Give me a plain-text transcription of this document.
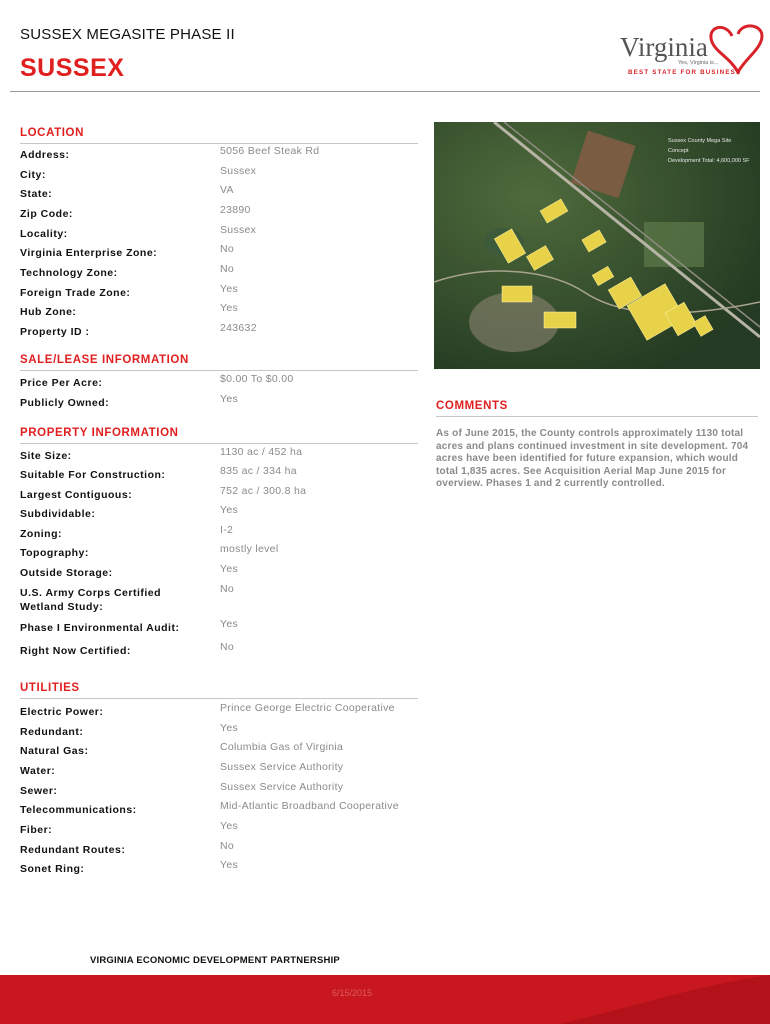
SUSSEX MEGASITE PHASE II
SUSSEX
Virginia
Yes, Virginia is...
BEST STATE FOR BUSINESS
LOCATION
Address:	5056 Beef Steak Rd
City:	Sussex
State:	VA
Zip Code:	23890
Locality:	Sussex
Virginia Enterprise Zone:	No
Technology Zone:	No
Foreign Trade Zone:	Yes
Hub Zone:	Yes
Property ID :	243632
SALE/LEASE INFORMATION
Price Per Acre:	$0.00 To $0.00
Publicly Owned:	Yes
PROPERTY INFORMATION
Site Size:	1130 ac / 452 ha
Suitable For Construction:	835 ac / 334 ha
Largest Contiguous:	752 ac / 300.8 ha
Subdividable:	Yes
Zoning:	I-2
Topography:	mostly level
Outside Storage:	Yes
U.S. Army Corps Certified
Wetland Study:
No
Phase I Environmental Audit:	Yes
Right Now Certified:	No
UTILITIES
Electric Power:	Prince George Electric Cooperative
Redundant:	Yes
Natural Gas:	Columbia Gas of Virginia
Water:	Sussex Service Authority
Sewer:	Sussex Service Authority
Telecommunications:	Mid-Atlantic Broadband Cooperative
Fiber:	Yes
Redundant Routes:	No
Sonet Ring:	Yes
Sussex County Mega Site
Concept
Development Total: 4,600,000 SF
COMMENTS
As of June 2015, the County controls approximately 1130 total acres and plans continued investment in site development. 704 acres have been identified for future expansion, which would total 1,835 acres. See Acquisition Aerial Map June 2015 for overview. Phases 1 and 2 currently controlled.
VIRGINIA ECONOMIC DEVELOPMENT PARTNERSHIP
6/15/2015
